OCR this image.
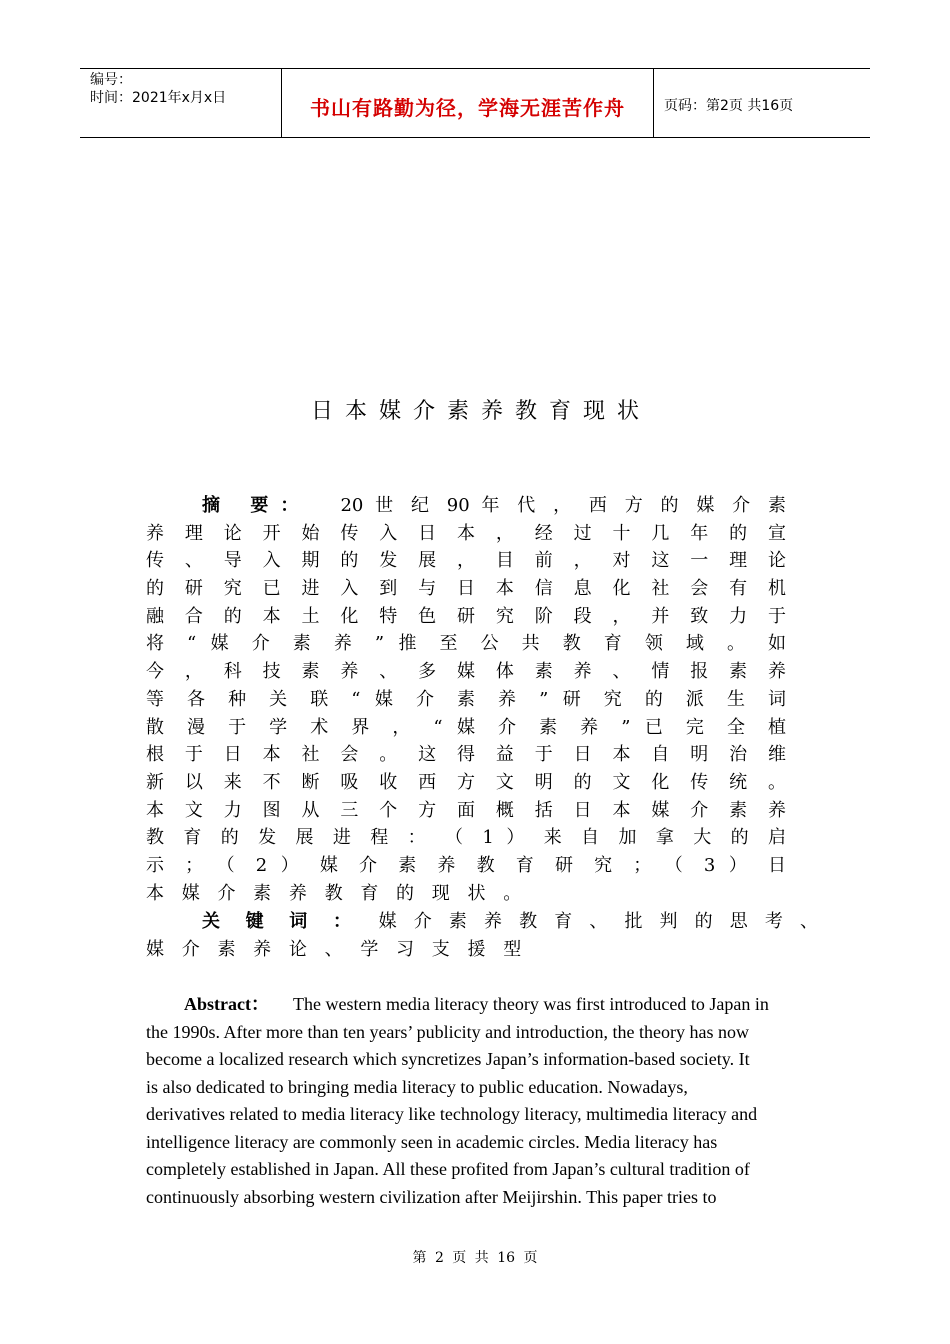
编号：
时间：2021年x月x日	书山有路勤为径，学海无涯苦作舟	页码：第2页 共16页
日本媒介素养教育现状
摘 要： 20 世 纪 90 年 代 ， 西 方 的 媒 介 素
养 理 论 开 始 传 入 日 本 ， 经 过 十 几 年 的 宣
传 、 导 入 期 的 发 展 ， 目 前 ， 对 这 一 理 论
的 研 究 已 进 入 到 与 日 本 信 息 化 社 会 有 机
融 合 的 本 土 化 特 色 研 究 阶 段 ， 并 致 力 于
将 “ 媒 介 素 养 ” 推 至 公 共 教 育 领 域 。 如
今 ， 科 技 素 养 、 多 媒 体 素 养 、 情 报 素 养
等 各 种 关 联 “ 媒 介 素 养 ” 研 究 的 派 生 词
散 漫 于 学 术 界 ， “ 媒 介 素 养 ” 已 完 全 植
根 于 日 本 社 会 。 这 得 益 于 日 本 自 明 治 维
新 以 来 不 断 吸 收 西 方 文 明 的 文 化 传 统 。
本 文 力 图 从 三 个 方 面 概 括 日 本 媒 介 素 养
教 育 的 发 展 进 程 ： （ 1 ） 来 自 加 拿 大 的 启
示 ； （ 2 ） 媒 介 素 养 教 育 研 究 ； （ 3 ） 日
本 媒 介 素 养 教 育 的 现 状 。
关 键 词 ： 媒 介 素 养 教 育 、 批 判 的 思 考 、
媒 介 素 养 论 、 学 习 支 援 型
Abstract： The western media literacy theory was first introduced to Japan in
the 1990s. After more than ten years’ publicity and introduction, the theory has now
become a localized research which syncretizes Japan’s information-based society. It
is also dedicated to bringing media literacy to public education. Nowadays,
derivatives related to media literacy like technology literacy, multimedia literacy and
intelligence literacy are commonly seen in academic circles. Media literacy has
completely established in Japan. All these profited from Japan’s cultural tradition of
continuously absorbing western civilization after Meijirshin. This paper tries to
第 2 页 共 16 页
